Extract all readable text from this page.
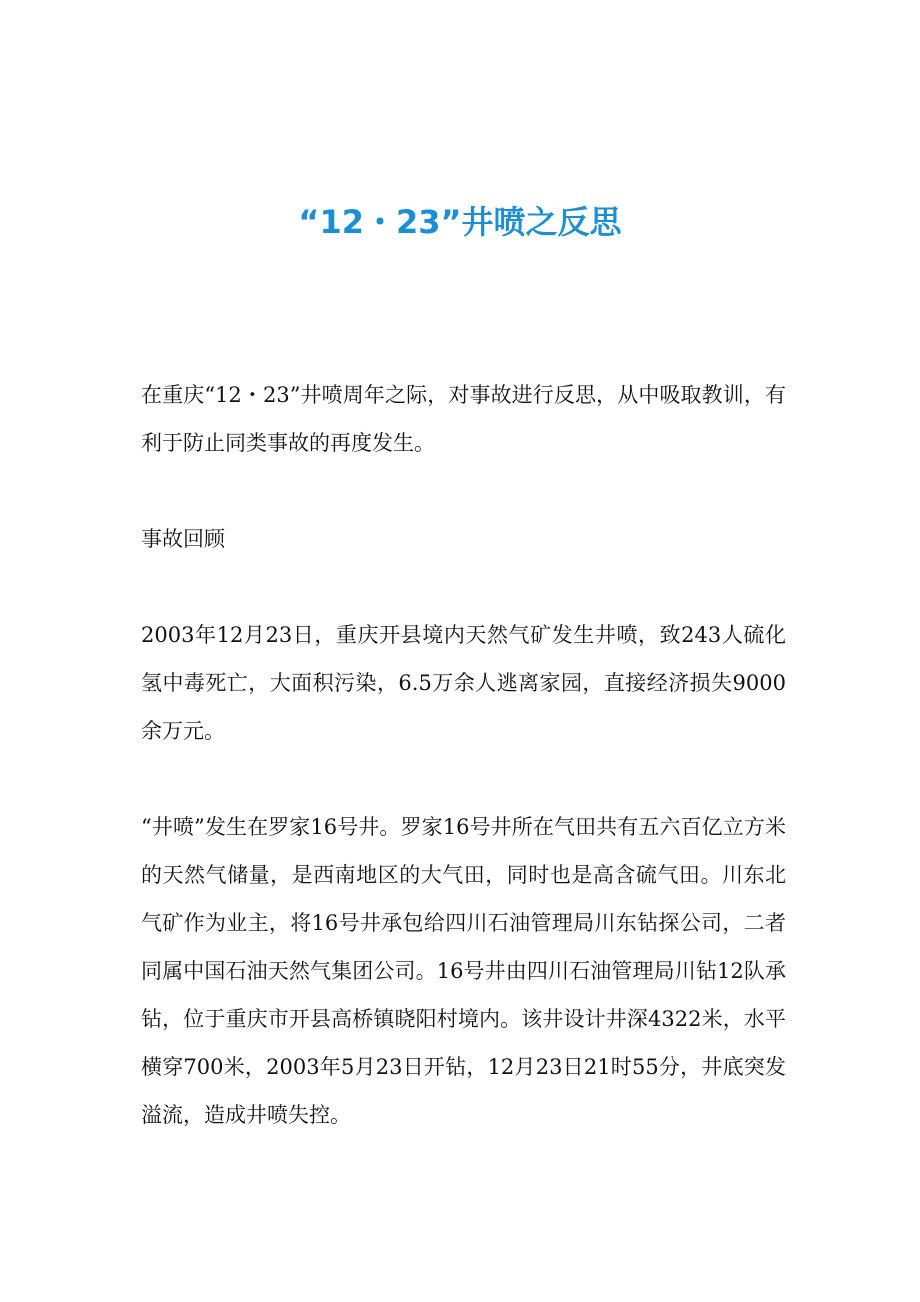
“12・23”井喷之反思

在重庆“12・23”井喷周年之际，对事故进行反思，从中吸取教训，有利于防止同类事故的再度发生。

事故回顾

2003年12月23日，重庆开县境内天然气矿发生井喷，致243人硫化氢中毒死亡，大面积污染，6.5万余人逃离家园，直接经济损失9000余万元。

“井喷”发生在罗家16号井。罗家16号井所在气田共有五六百亿立方米的天然气储量，是西南地区的大气田，同时也是高含硫气田。川东北气矿作为业主，将16号井承包给四川石油管理局川东钻探公司，二者同属中国石油天然气集团公司。16号井由四川石油管理局川钻12队承钻，位于重庆市开县高桥镇晓阳村境内。该井设计井深4322米，水平横穿700米，2003年5月23日开钻，12月23日21时55分，井底突发溢流，造成井喷失控。
